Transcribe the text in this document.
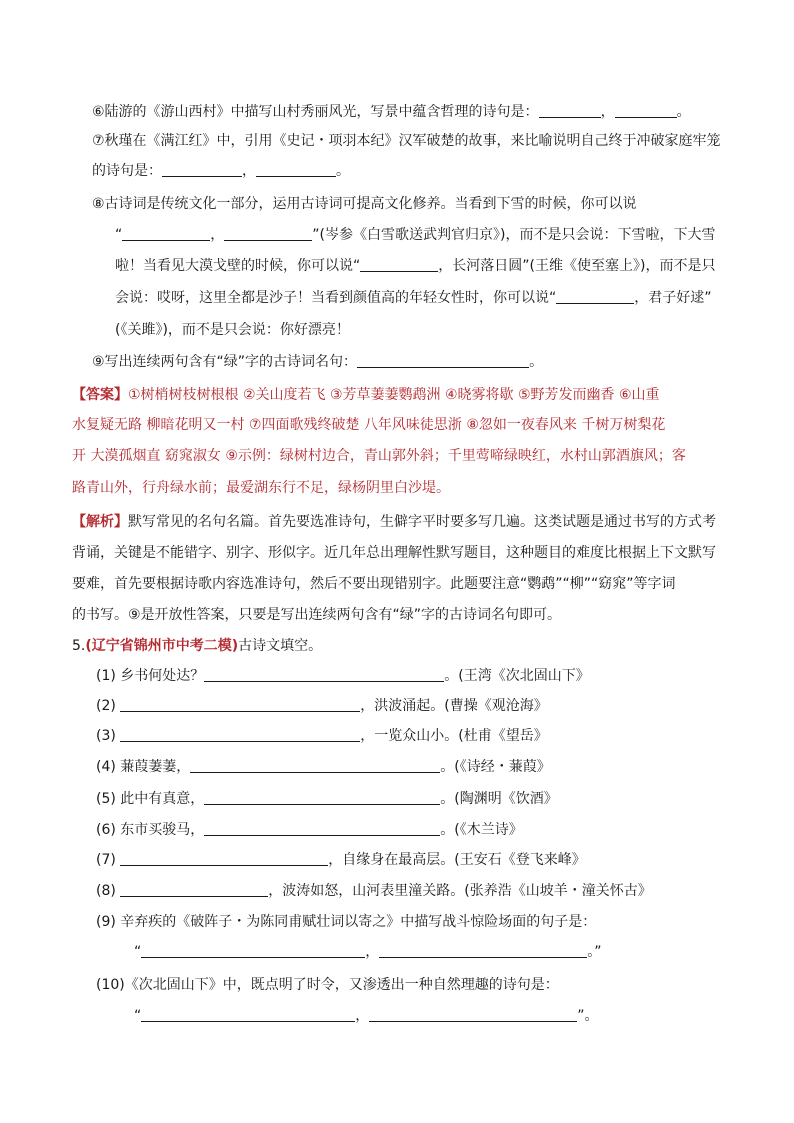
⑥陆游的《游山西村》中描写山村秀丽风光，写景中蕴含哲理的诗句是：	，	。
⑦秋瑾在《满江红》中，引用《史记・项羽本纪》汉军破楚的故事，来比喻说明自己终于冲破家庭牢笼
的诗句是：	，	。
⑧古诗词是传统文化一部分，运用古诗词可提高文化修养。当看到下雪的时候，你可以说
“	，	”(岑参《白雪歌送武判官归京》)，而不是只会说：下雪啦，下大雪
啦！当看见大漠戈壁的时候，你可以说“	，长河落日圆”(王维《使至塞上》)，而不是只
会说：哎呀，这里全都是沙子！当看到颜值高的年轻女性时，你可以说“	，君子好逑”
(《关雎》)，而不是只会说：你好漂亮！
⑨写出连续两句含有“绿”字的古诗词名句：	。
【答案】①树梢树枝树根根 ②关山度若飞 ③芳草萋萋鹦鹉洲 ④晓雾将歇 ⑤野芳发而幽香 ⑥山重
水复疑无路 柳暗花明又一村 ⑦四面歌残终破楚 八年风味徒思浙 ⑧忽如一夜春风来 千树万树梨花
开 大漠孤烟直 窈窕淑女 ⑨示例：绿树村边合，青山郭外斜；千里莺啼绿映红，水村山郭酒旗风；客
路青山外，行舟绿水前；最爱湖东行不足，绿杨阴里白沙堤。
【解析】默写常见的名句名篇。首先要选准诗句，生僻字平时要多写几遍。这类试题是通过书写的方式考
背诵，关键是不能错字、别字、形似字。近几年总出理解性默写题目，这种题目的难度比根据上下文默写
要难，首先要根据诗歌内容选准诗句，然后不要出现错别字。此题要注意“鹦鹉”“柳”“窈窕”等字词
的书写。⑨是开放性答案，只要是写出连续两句含有“绿”字的古诗词名句即可。
5.(辽宁省锦州市中考二模)古诗文填空。
(1) 乡书何处达？	。(王湾《次北固山下》
(2)	，洪波涌起。(曹操《观沧海》
(3)	，一览众山小。(杜甫《望岳》
(4) 蒹葭萋萋，	。(《诗经・蒹葭》
(5) 此中有真意，	。(陶渊明《饮酒》
(6) 东市买骏马，	。(《木兰诗》
(7)	，自缘身在最高层。(王安石《登飞来峰》
(8)	，波涛如怒，山河表里潼关路。(张养浩《山坡羊・潼关怀古》
(9) 辛弃疾的《破阵子・为陈同甫赋壮词以寄之》中描写战斗惊险场面的句子是：
“	，	。”
(10)《次北固山下》中，既点明了时令，又渗透出一种自然理趣的诗句是：
“	，	”。
